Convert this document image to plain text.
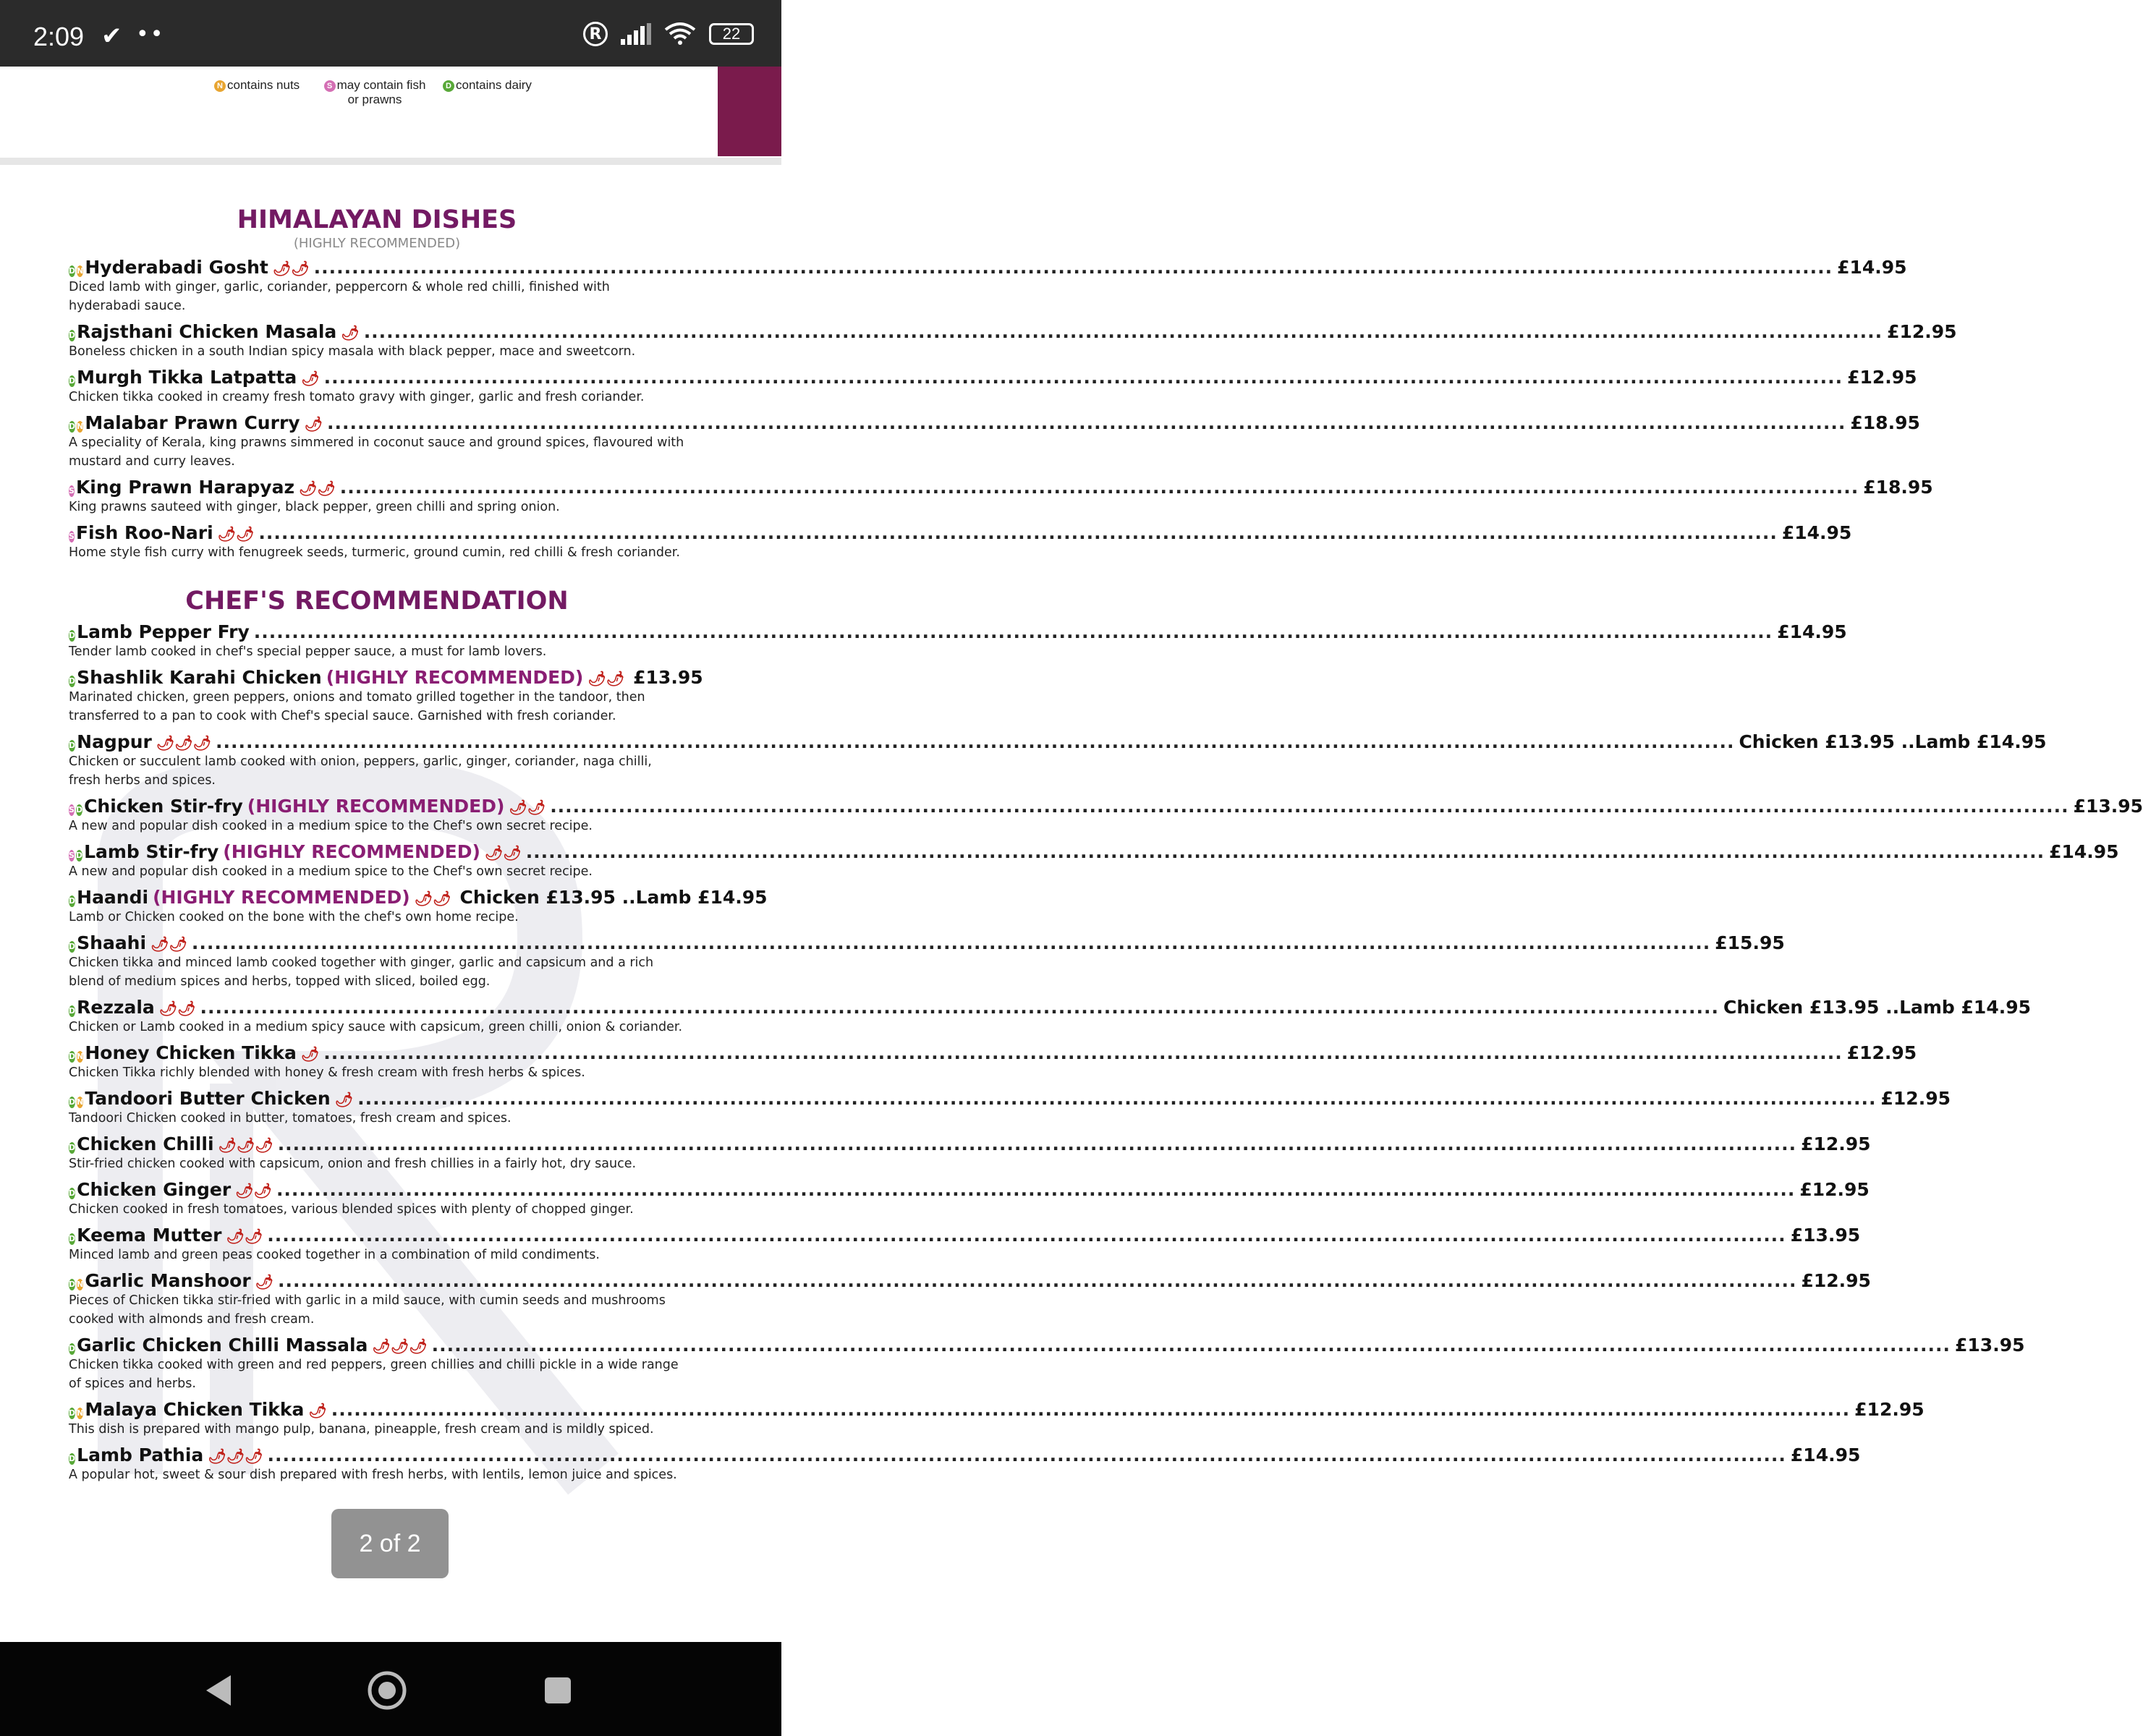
2:09 ✔ ••	R	22
N contains nuts	S may contain fish or prawns
D contains dairy
HIMALAYAN DISHES
(HIGHLY RECOMMENDED)
D N Hyderabadi Gosht 🌶🌶 ........................................................................................................................................................................................................ £14.95
Diced lamb with ginger, garlic, coriander, peppercorn & whole red chilli, finished with hyderabadi sauce.
D Rajsthani Chicken Masala 🌶 ........................................................................................................................................................................................................ £12.95
Boneless chicken in a south Indian spicy masala with black pepper, mace and sweetcorn.
D Murgh Tikka Latpatta 🌶 ........................................................................................................................................................................................................ £12.95
Chicken tikka cooked in creamy fresh tomato gravy with ginger, garlic and fresh coriander.
D N Malabar Prawn Curry 🌶 ........................................................................................................................................................................................................ £18.95
A speciality of Kerala, king prawns simmered in coconut sauce and ground spices, flavoured with mustard and curry leaves.
S King Prawn Harapyaz 🌶🌶 ........................................................................................................................................................................................................ £18.95
King prawns sauteed with ginger, black pepper, green chilli and spring onion.
S Fish Roo-Nari 🌶🌶 ........................................................................................................................................................................................................ £14.95
Home style fish curry with fenugreek seeds, turmeric, ground cumin, red chilli & fresh coriander.
CHEF'S RECOMMENDATION
D Lamb Pepper Fry ........................................................................................................................................................................................................ £14.95
Tender lamb cooked in chef's special pepper sauce, a must for lamb lovers.
D Shashlik Karahi Chicken (HIGHLY RECOMMENDED) 🌶🌶 £13.95
Marinated chicken, green peppers, onions and tomato grilled together in the tandoor, then transferred to a pan to cook with Chef's special sauce. Garnished with fresh coriander.
D Nagpur 🌶🌶🌶 ........................................................................................................................................................................................................ Chicken £13.95 ..Lamb £14.95
Chicken or succulent lamb cooked with onion, peppers, garlic, ginger, coriander, naga chilli, fresh herbs and spices.
S D Chicken Stir-fry (HIGHLY RECOMMENDED) 🌶🌶 ........................................................................................................................................................................................................ £13.95
A new and popular dish cooked in a medium spice to the Chef's own secret recipe.
S D Lamb Stir-fry (HIGHLY RECOMMENDED) 🌶🌶 ........................................................................................................................................................................................................ £14.95
A new and popular dish cooked in a medium spice to the Chef's own secret recipe.
D Haandi (HIGHLY RECOMMENDED) 🌶🌶 Chicken £13.95 ..Lamb £14.95
Lamb or Chicken cooked on the bone with the chef's own home recipe.
D Shaahi 🌶🌶 ........................................................................................................................................................................................................ £15.95
Chicken tikka and minced lamb cooked together with ginger, garlic and capsicum and a rich blend of medium spices and herbs, topped with sliced, boiled egg.
D Rezzala 🌶🌶 ........................................................................................................................................................................................................ Chicken £13.95 ..Lamb £14.95
Chicken or Lamb cooked in a medium spicy sauce with capsicum, green chilli, onion & coriander.
D N Honey Chicken Tikka 🌶 ........................................................................................................................................................................................................ £12.95
Chicken Tikka richly blended with honey & fresh cream with fresh herbs & spices.
D N Tandoori Butter Chicken 🌶 ........................................................................................................................................................................................................ £12.95
Tandoori Chicken cooked in butter, tomatoes, fresh cream and spices.
D Chicken Chilli 🌶🌶🌶 ........................................................................................................................................................................................................ £12.95
Stir-fried chicken cooked with capsicum, onion and fresh chillies in a fairly hot, dry sauce.
D Chicken Ginger 🌶🌶 ........................................................................................................................................................................................................ £12.95
Chicken cooked in fresh tomatoes, various blended spices with plenty of chopped ginger.
D Keema Mutter 🌶🌶 ........................................................................................................................................................................................................ £13.95
Minced lamb and green peas cooked together in a combination of mild condiments.
D N Garlic Manshoor 🌶 ........................................................................................................................................................................................................ £12.95
Pieces of Chicken tikka stir-fried with garlic in a mild sauce, with cumin seeds and mushrooms cooked with almonds and fresh cream.
D Garlic Chicken Chilli Massala 🌶🌶🌶 ........................................................................................................................................................................................................ £13.95
Chicken tikka cooked with green and red peppers, green chillies and chilli pickle in a wide range of spices and herbs.
D N Malaya Chicken Tikka 🌶 ........................................................................................................................................................................................................ £12.95
This dish is prepared with mango pulp, banana, pineapple, fresh cream and is mildly spiced.
D Lamb Pathia 🌶🌶🌶 ........................................................................................................................................................................................................ £14.95
A popular hot, sweet & sour dish prepared with fresh herbs, with lentils, lemon juice and spices.
2 of 2
